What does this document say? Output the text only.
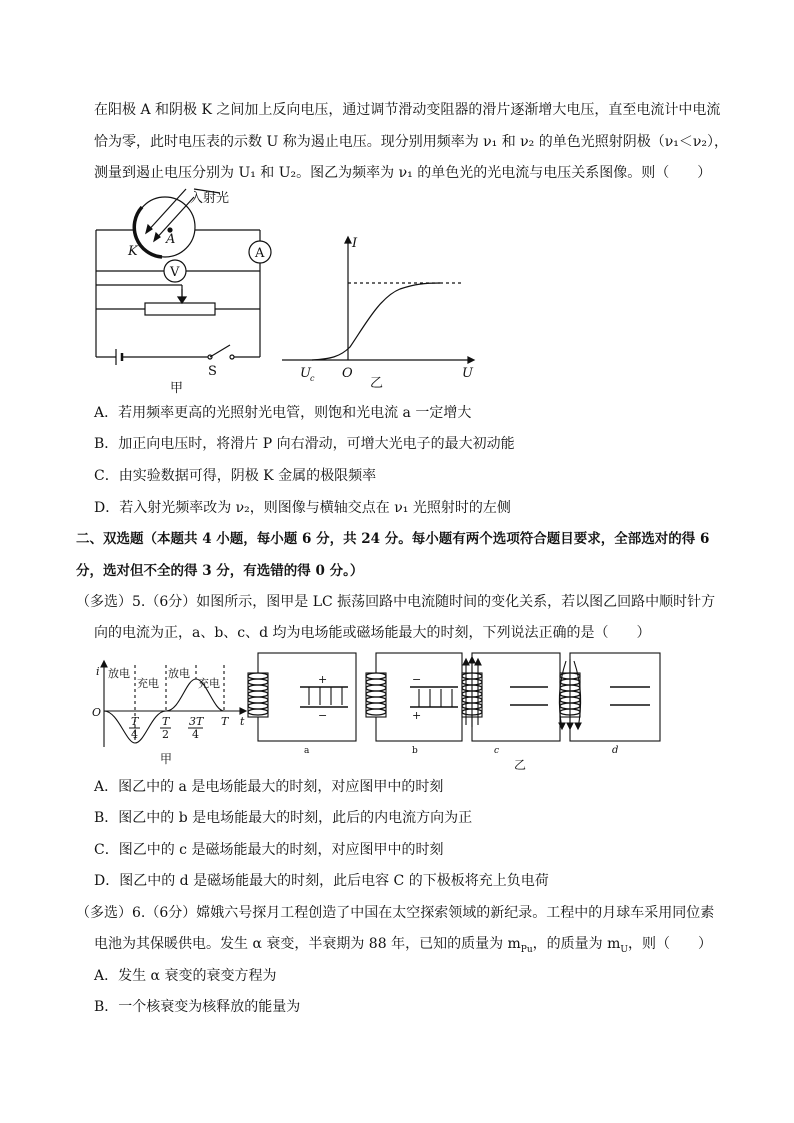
在阳极 A 和阴极 K 之间加上反向电压，通过调节滑动变阻器的滑片逐渐增大电压，直至电流计中电流
恰为零，此时电压表的示数 U 称为遏止电压。现分别用频率为 ν₁ 和 ν₂ 的单色光照射阴极（ν₁＜ν₂），
测量到遏止电压分别为 U₁ 和 U₂。图乙为频率为 ν₁ 的单色光的光电流与电压关系图像。则（　　）
入射光
K
A
A
V
S
甲
I
U
O
U c	乙
A．若用频率更高的光照射光电管，则饱和光电流 a 一定增大
B．加正向电压时，将滑片 P 向右滑动，可增大光电子的最大初动能
C．由实验数据可得，阴极 K 金属的极限频率
D．若入射光频率改为 ν₂，则图像与横轴交点在 ν₁ 光照射时的左侧
二、双选题（本题共 4 小题，每小题 6 分，共 24 分。每小题有两个选项符合题目要求，全部选对的得 6
分，选对但不全的得 3 分，有选错的得 0 分。）
（多选）5.（6分）如图所示，图甲是 LC 振荡回路中电流随时间的变化关系，若以图乙回路中顺时针方
向的电流为正，a、b、c、d 均为电场能或磁场能最大的时刻，下列说法正确的是（　　）
i
t
O
放电
充电
放电
充电
T
4
T
2
3T
4
T
甲
+
−
a
−
+
b	c	d
乙
A．图乙中的 a 是电场能最大的时刻，对应图甲中的时刻
B．图乙中的 b 是电场能最大的时刻，此后的内电流方向为正
C．图乙中的 c 是磁场能最大的时刻，对应图甲中的时刻
D．图乙中的 d 是磁场能最大的时刻，此后电容 C 的下极板将充上负电荷
（多选）6.（6分）嫦娥六号探月工程创造了中国在太空探索领域的新纪录。工程中的月球车采用同位素
电池为其保暖供电。发生 α 衰变，半衰期为 88 年，已知的质量为 $m_{Pu}$，的质量为 $m_U$，则（　　）
A．发生 α 衰变的衰变方程为
B．一个核衰变为核释放的能量为
